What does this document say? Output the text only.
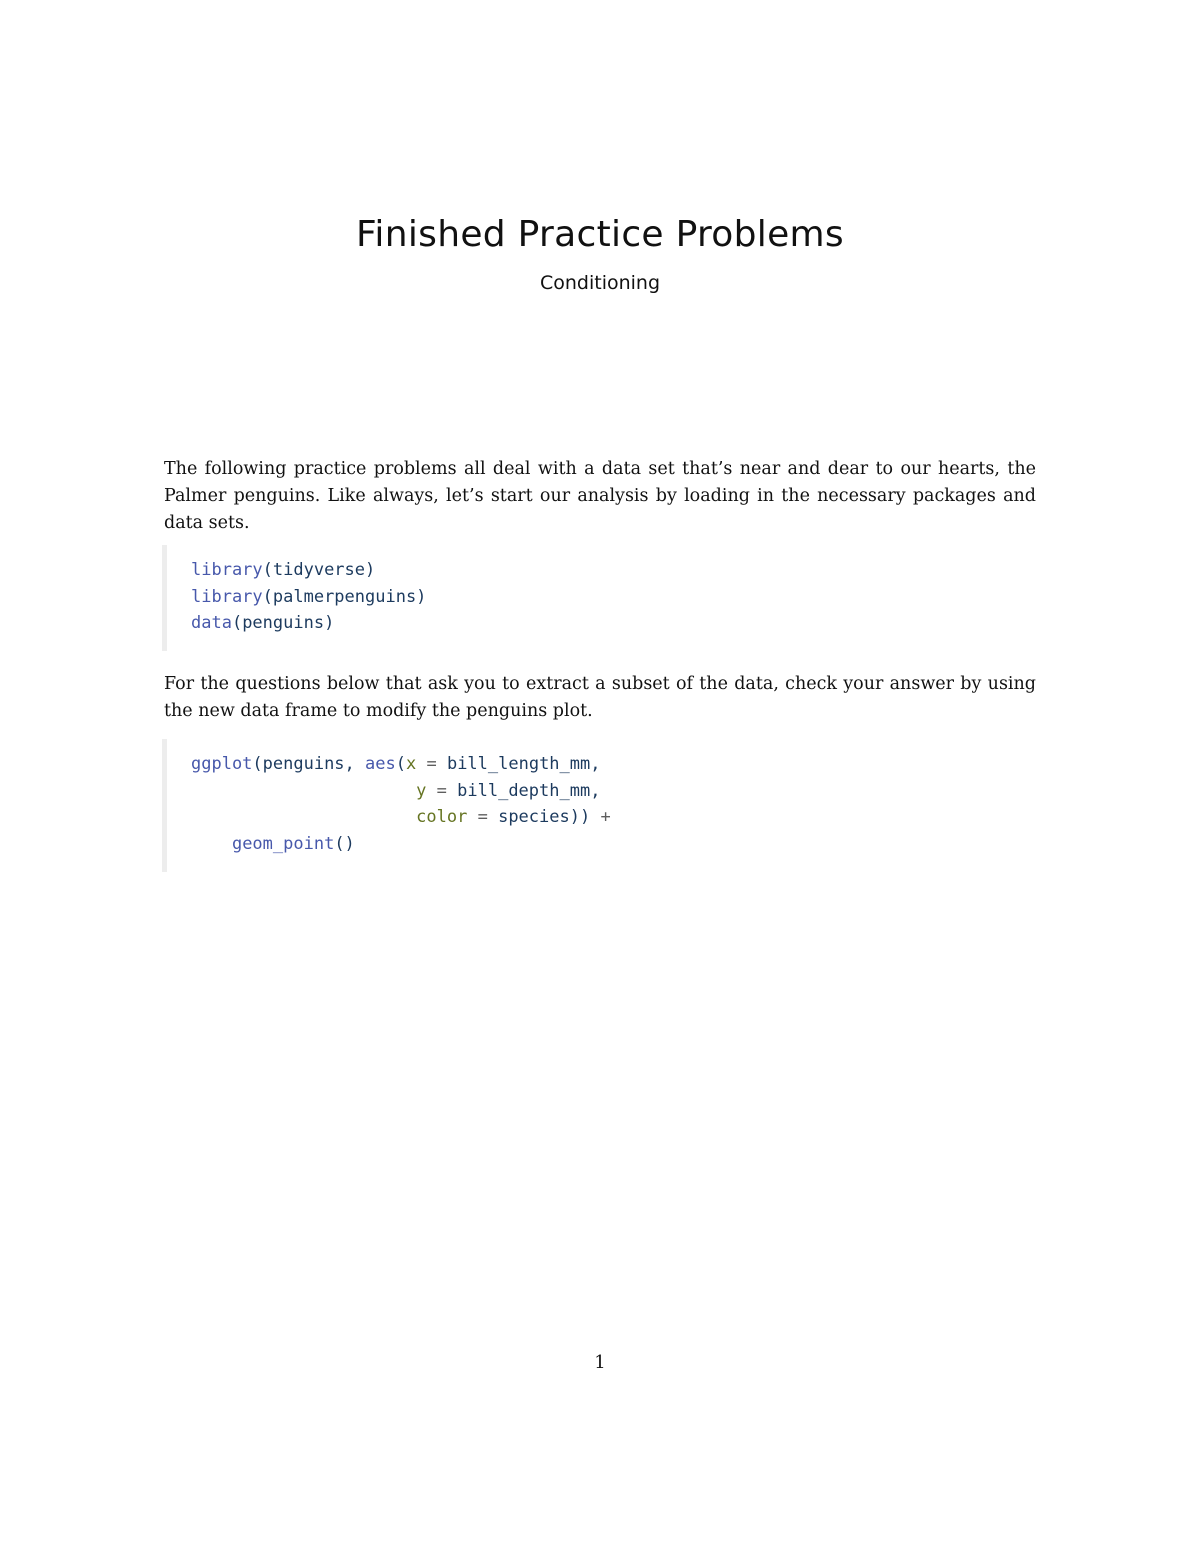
Finished Practice Problems
Conditioning

The following practice problems all deal with a data set that’s near and dear to our hearts, the Palmer penguins. Like always, let’s start our analysis by loading in the necessary packages and data sets.

library(tidyverse)
library(palmerpenguins)
data(penguins)

For the questions below that ask you to extract a subset of the data, check your answer by using the new data frame to modify the penguins plot.

ggplot(penguins, aes(x = bill_length_mm,
y = bill_depth_mm,
color = species)) +
geom_point()
1
